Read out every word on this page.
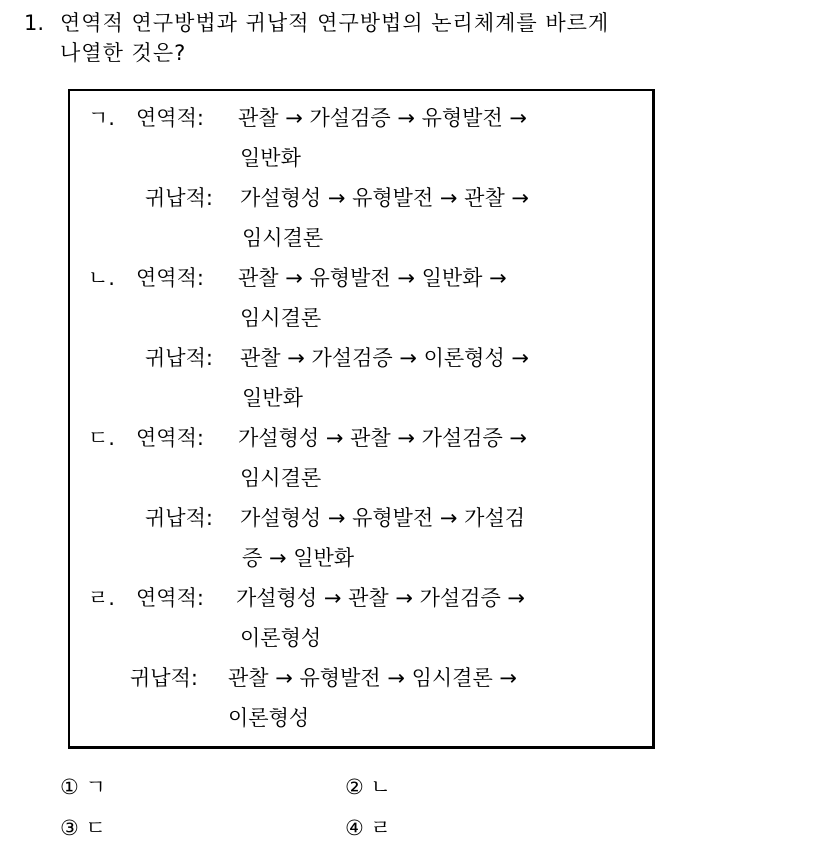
1. 연역적 연구방법과 귀납적 연구방법의 논리체계를 바르게
나열한 것은?
ㄱ. 연역적: 관찰 → 가설검증 → 유형발전 →
일반화
귀납적: 가설형성 → 유형발전 → 관찰 →
임시결론
ㄴ. 연역적: 관찰 → 유형발전 → 일반화 →
임시결론
귀납적: 관찰 → 가설검증 → 이론형성 →
일반화
ㄷ. 연역적: 가설형성 → 관찰 → 가설검증 →
임시결론
귀납적: 가설형성 → 유형발전 → 가설검
증 → 일반화
ㄹ. 연역적: 가설형성 → 관찰 → 가설검증 →
이론형성
귀납적: 관찰 → 유형발전 → 임시결론 →
이론형성
① ㄱ	② ㄴ
③ ㄷ	④ ㄹ
